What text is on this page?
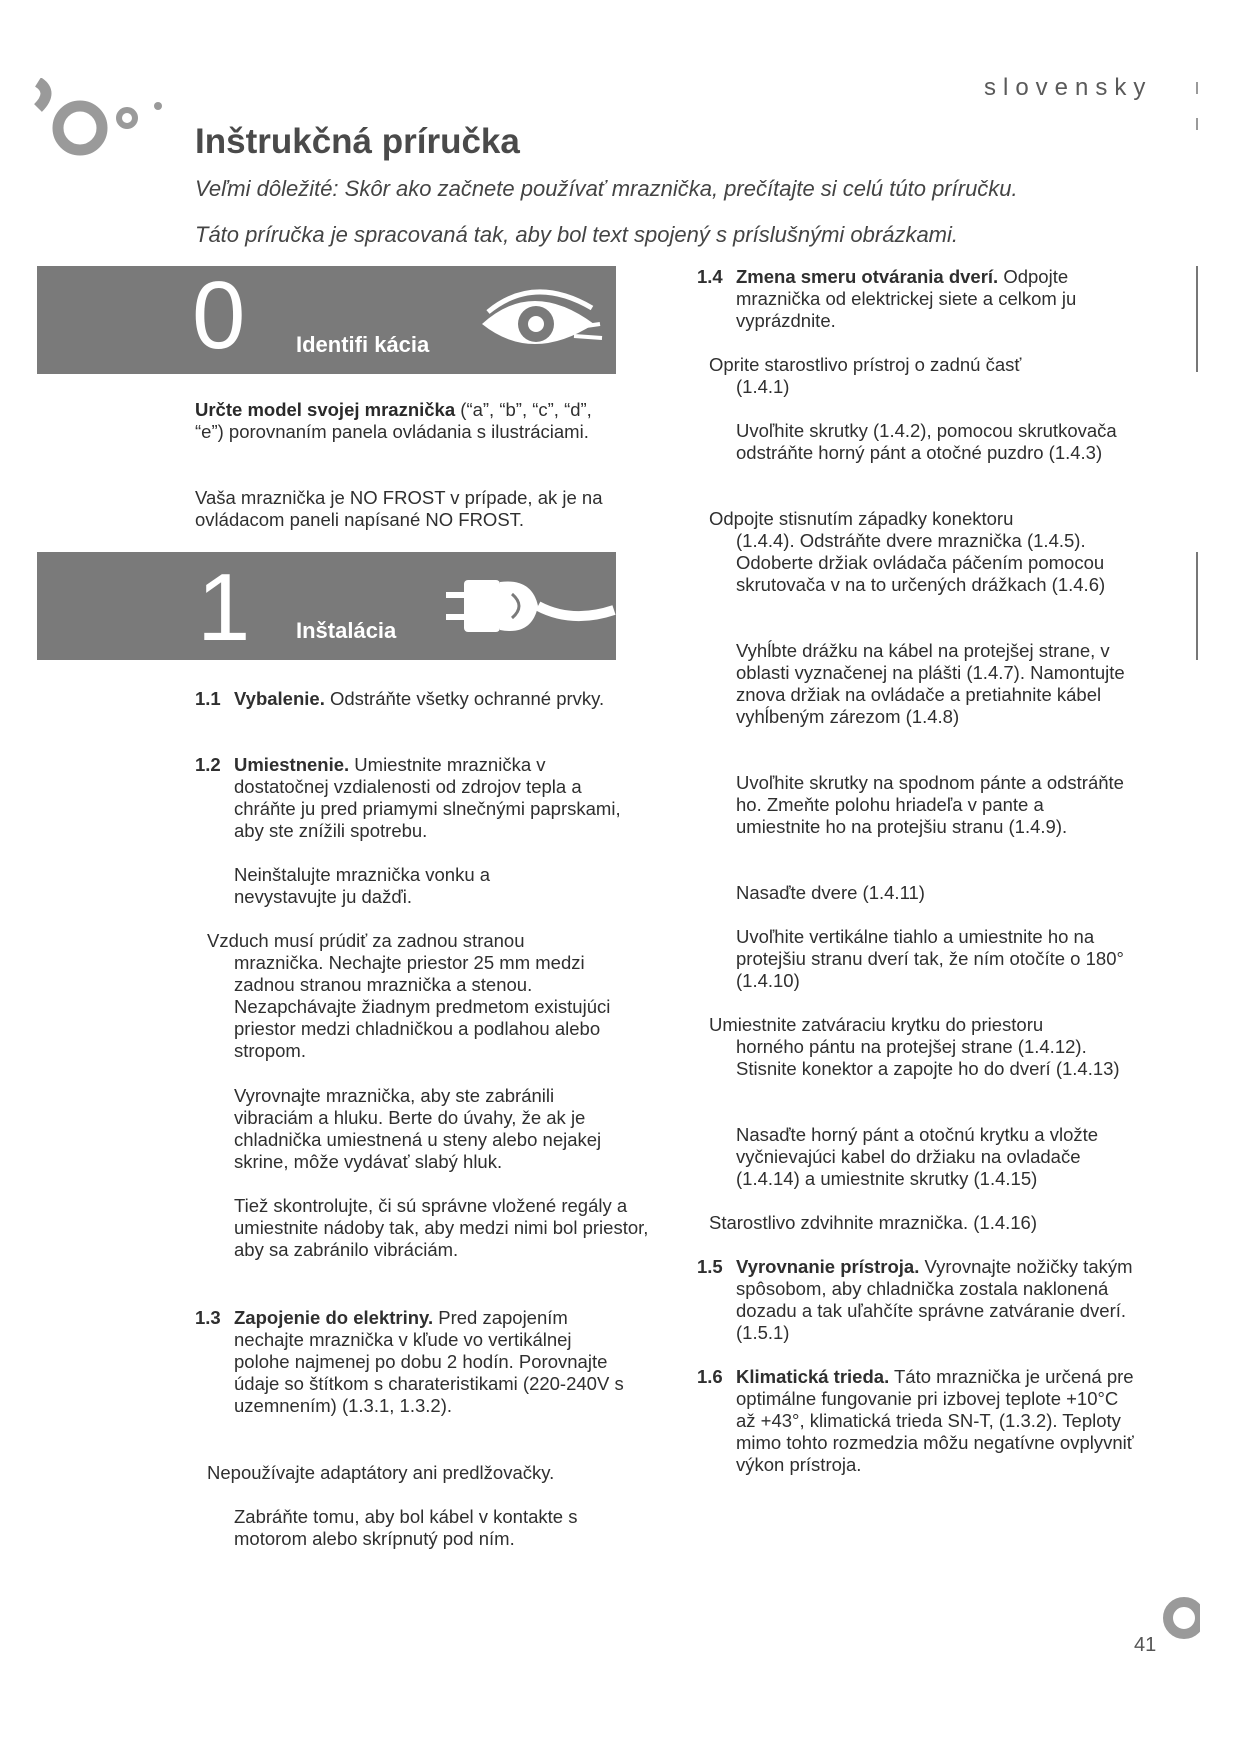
slovensky
Inštrukčná príručka
Veľmi dôležité: Skôr ako začnete používať mraznička, prečítajte si celú túto príručku.
Táto príručka je spracovaná tak, aby bol text spojený s príslušnými obrázkami.
0 Identifi kácia
Určte model svojej mraznička (“a”, “b”, “c”, “d”, “e”) porovnaním panela ovládania s ilustráciami.
Vaša mraznička je NO FROST v prípade, ak je na ovládacom paneli napísané NO FROST.
1 Inštalácia
1.1 Vybalenie. Odstráňte všetky ochranné prvky.
1.2 Umiestnenie. Umiestnite mraznička v dostatočnej vzdialenosti od zdrojov tepla a chráňte ju pred priamymi slnečnými paprskami, aby ste znížili spotrebu.
Neinštalujte mraznička vonku a nevystavujte ju dažďi.
Vzduch musí prúdiť za zadnou stranou
mraznička. Nechajte priestor 25 mm medzi zadnou stranou mraznička a stenou. Nezapchávajte žiadnym predmetom existujúci priestor medzi chladničkou a podlahou alebo stropom.
Vyrovnajte mraznička, aby ste zabránili vibraciám a hluku. Berte do úvahy, že ak je chladnička umiestnená u steny alebo nejakej skrine, môže vydávať slabý hluk.
Tiež skontrolujte, či sú správne vložené regály a umiestnite nádoby tak, aby medzi nimi bol priestor, aby sa zabránilo vibráciám.
1.3 Zapojenie do elektriny. Pred zapojením nechajte mraznička v kľude vo vertikálnej polohe najmenej po dobu 2 hodín. Porovnajte údaje so štítkom s charateristikami (220-240V s uzemnením) (1.3.1, 1.3.2).
Nepoužívajte adaptátory ani predlžovačky.
Zabráňte tomu, aby bol kábel v kontakte s motorom alebo skrípnutý pod ním.
1.4 Zmena smeru otvárania dverí. Odpojte mraznička od elektrickej siete a celkom ju vyprázdnite.
Oprite starostlivo prístroj o zadnú časť
(1.4.1)
Uvoľhite skrutky (1.4.2), pomocou skrutkovača odstráňte horný pánt a otočné puzdro (1.4.3)
Odpojte stisnutím západky konektoru
(1.4.4). Odstráňte dvere mraznička (1.4.5). Odoberte držiak ovládača páčením pomocou skrutovača v na to určených drážkach (1.4.6)
Vyhĺbte drážku na kábel na protejšej strane, v oblasti vyznačenej na plášti (1.4.7). Namontujte znova držiak na ovládače a pretiahnite kábel vyhĺbeným zárezom (1.4.8)
Uvoľhite skrutky na spodnom pánte a odstráňte ho. Zmeňte polohu hriadeľa v pante a umiestnite ho na protejšiu stranu (1.4.9).
Nasaďte dvere (1.4.11)
Uvoľhite vertikálne tiahlo a umiestnite ho na protejšiu stranu dverí tak, že ním otočíte o 180° (1.4.10)
Umiestnite zatváraciu krytku do priestoru
horného pántu na protejšej strane (1.4.12). Stisnite konektor a zapojte ho do dverí (1.4.13)
Nasaďte horný pánt a otočnú krytku a vložte vyčnievajúci kabel do držiaku na ovladače (1.4.14) a umiestnite skrutky (1.4.15)
Starostlivo zdvihnite mraznička. (1.4.16)
1.5 Vyrovnanie prístroja. Vyrovnajte nožičky takým spôsobom, aby chladnička zostala naklonená dozadu a tak uľahčíte správne zatváranie dverí. (1.5.1)
1.6 Klimatická trieda. Táto mraznička je určená pre optimálne fungovanie pri izbovej teplote +10°C až +43°, klimatická trieda SN-T, (1.3.2). Teploty mimo tohto rozmedzia môžu negatívne ovplyvniť výkon prístroja.
41
